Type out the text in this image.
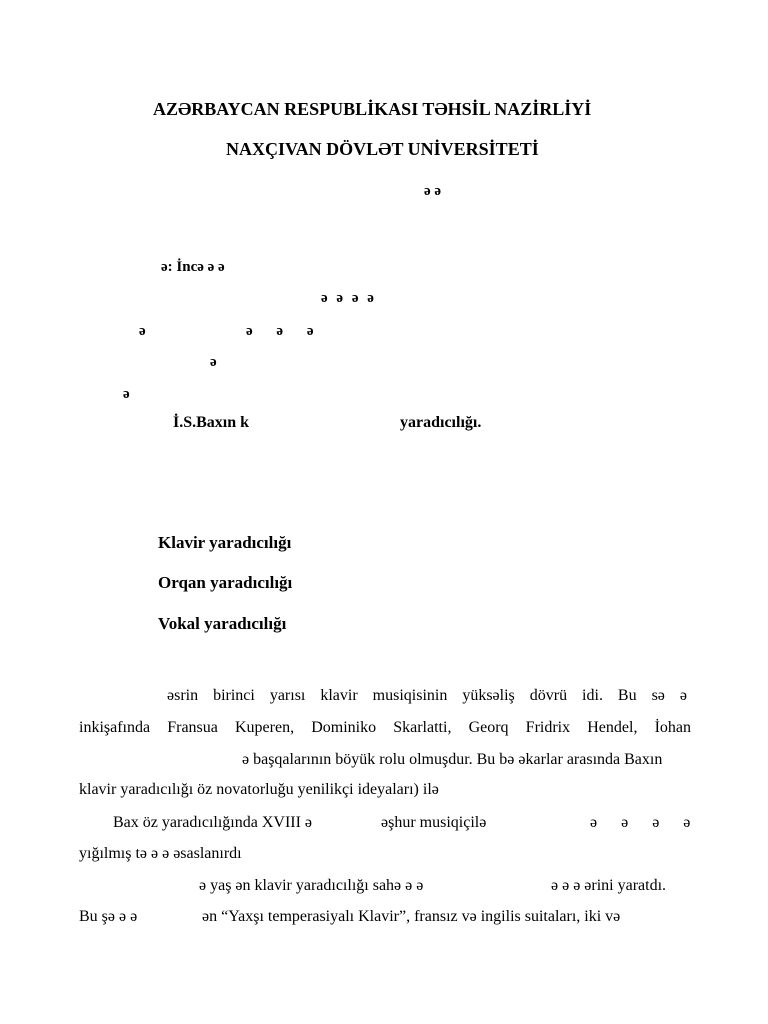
AZƏRBAYCAN RESPUBLİKASI TƏHSİL NAZİRLİYİ
NAXÇIVAN DÖVLƏT UNİVERSİTETİ
ə ə
ə: İncə ə ə
ə ə ə ə
ə	ə ə ə
ə
ə
İ.S.Baxın k	yaradıcılığı.
Klavir yaradıcılığı
Orqan yaradıcılığı
Vokal yaradıcılığı
əsrin birinci yarısı klavir musiqisinin yüksəliş dövrü idi. Bu sə ə
inkişafında Fransua Kuperen, Dominiko Skarlatti, Georq Fridrix Hendel, İohan
ə başqalarının böyük rolu olmuşdur. Bu bə əkarlar arasında Baxın
klavir yaradıcılığı öz novatorluğu yenilikçi ideyaları) ilə
Bax öz yaradıcılığında XVIII ə	əşhur musiqiçilə	ə ə ə ə
yığılmış tə ə ə əsaslanırdı
ə yaş ən klavir yaradıcılığı sahə ə ə	ə ə ə ərini yaratdı.
Bu şə ə ə	ən “Yaxşı temperasiyalı Klavir”, fransız və ingilis suitaları, iki və
